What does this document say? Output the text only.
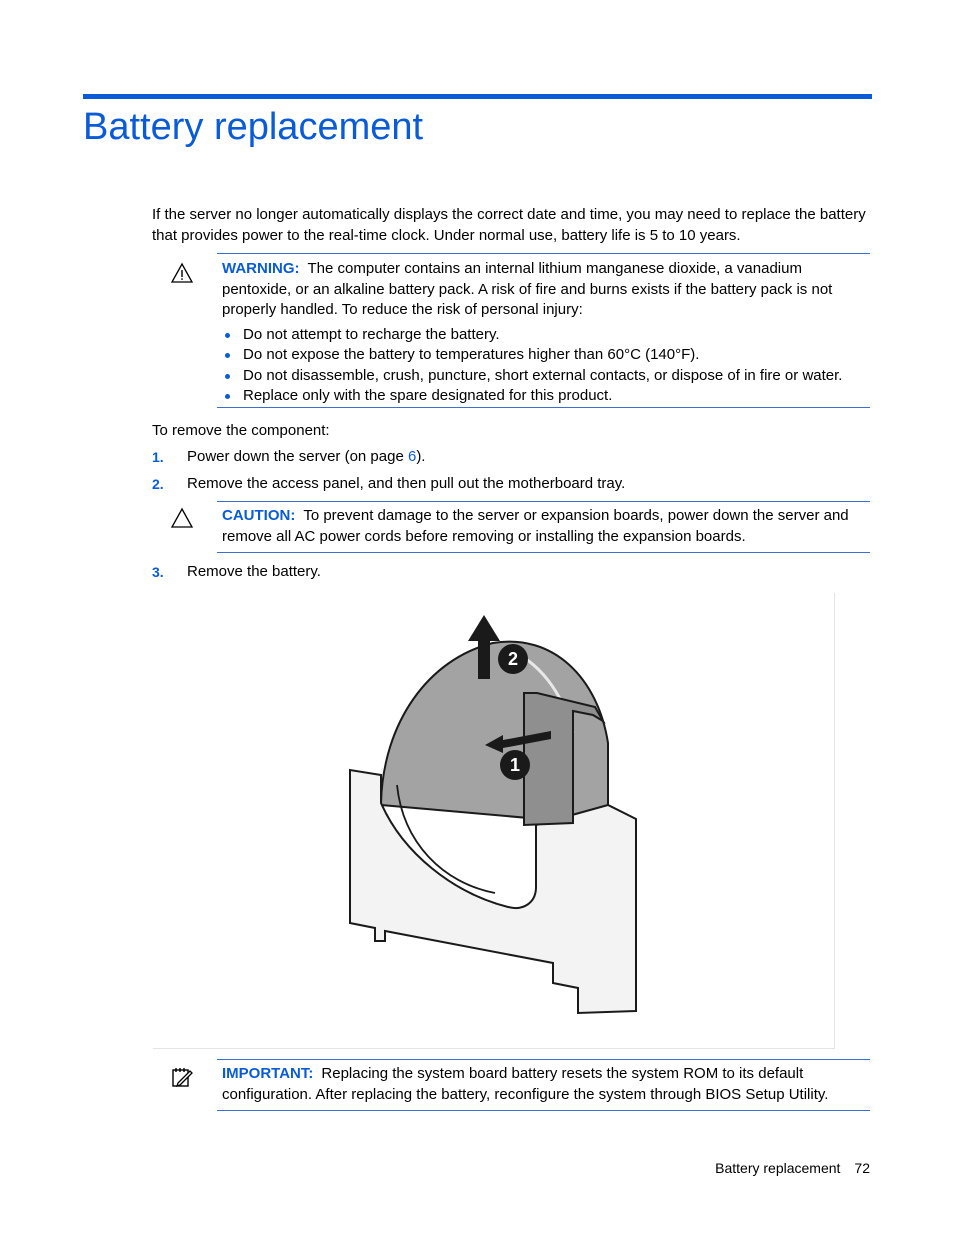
Battery replacement

If the server no longer automatically displays the correct date and time, you may need to replace the battery that provides power to the real-time clock. Under normal use, battery life is 5 to 10 years.

WARNING: The computer contains an internal lithium manganese dioxide, a vanadium pentoxide, or an alkaline battery pack. A risk of fire and burns exists if the battery pack is not properly handled. To reduce the risk of personal injury:

Do not attempt to recharge the battery.
Do not expose the battery to temperatures higher than 60°C (140°F).
Do not disassemble, crush, puncture, short external contacts, or dispose of in fire or water.
Replace only with the spare designated for this product.

To remove the component:

1. Power down the server (on page 6).
2. Remove the access panel, and then pull out the motherboard tray.

CAUTION: To prevent damage to the server or expansion boards, power down the server and remove all AC power cords before removing or installing the expansion boards.

3. Remove the battery.
2
1

IMPORTANT: Replacing the system board battery resets the system ROM to its default configuration. After replacing the battery, reconfigure the system through BIOS Setup Utility.

Battery replacement 72
